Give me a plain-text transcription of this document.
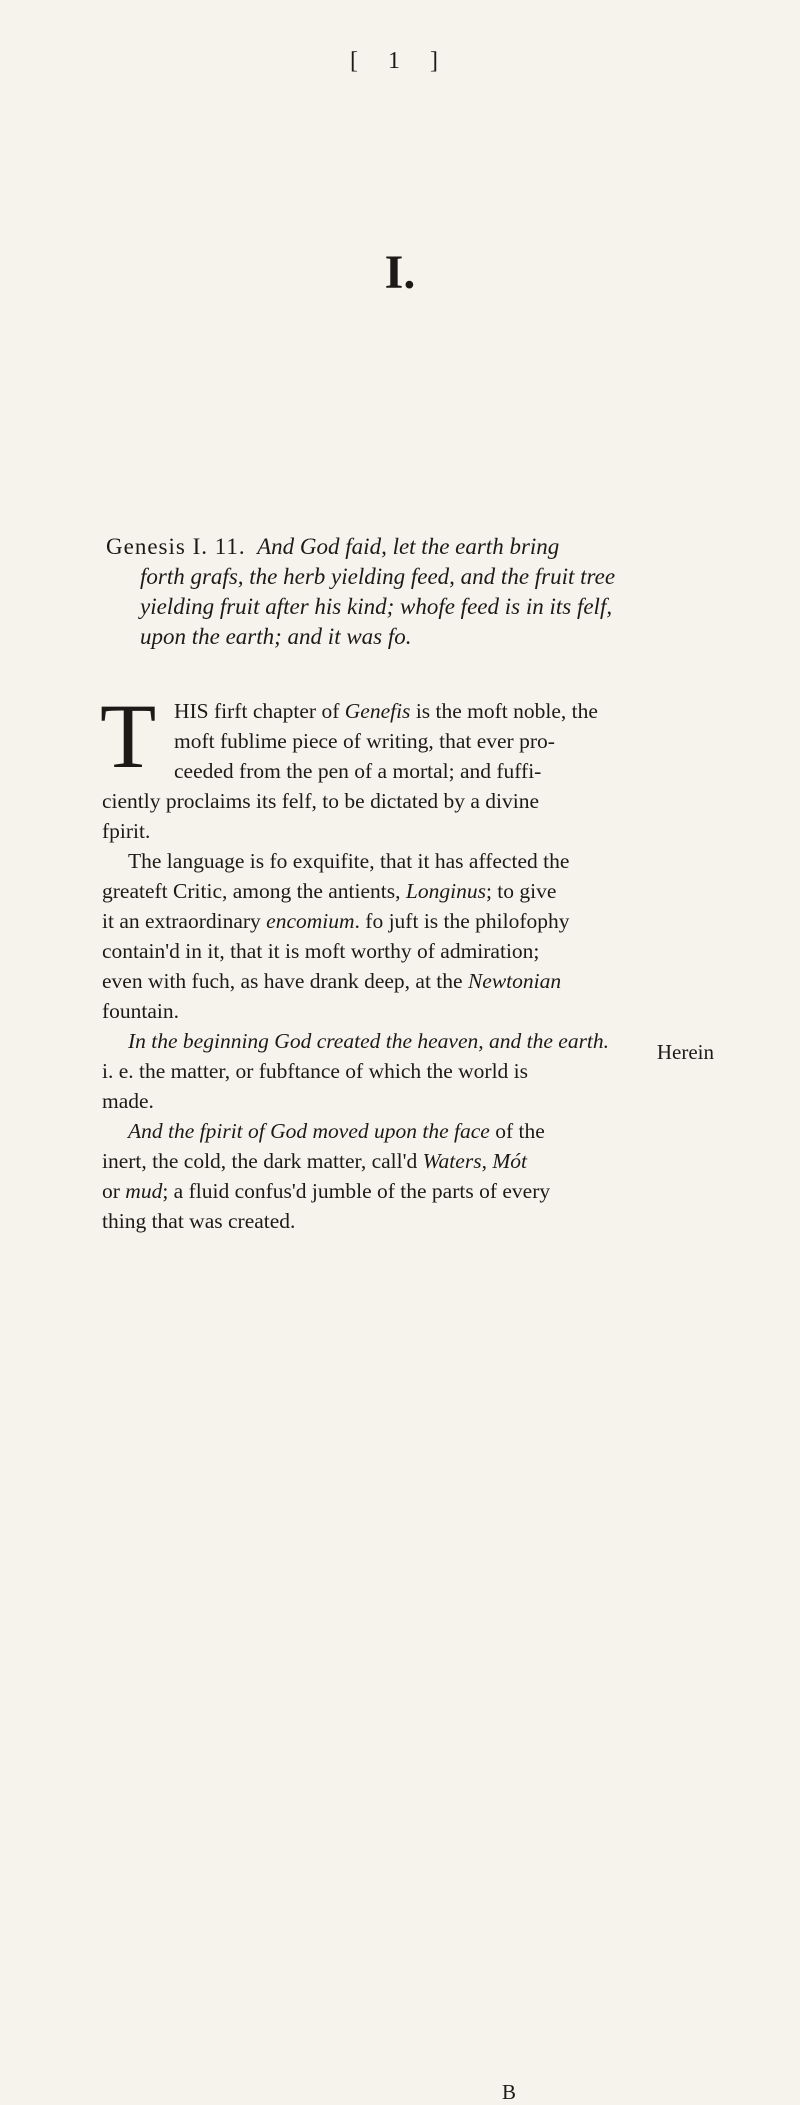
[ 1 ]
I.
Genesis I. 11. And God faid, let the earth bring
forth grafs, the herb yielding feed, and the fruit tree
yielding fruit after his kind; whofe feed is in its felf,
upon the earth; and it was fo.
T HIS firft chapter of Genefis is the moft noble, the
moft fublime piece of writing, that ever pro-
ceeded from the pen of a mortal; and fuffi-
ciently proclaims its felf, to be dictated by a divine
fpirit.
The language is fo exquifite, that it has affected the
greateft Critic, among the antients, Longinus; to give
it an extraordinary encomium. fo juft is the philofophy
contain'd in it, that it is moft worthy of admiration;
even with fuch, as have drank deep, at the Newtonian
fountain.
In the beginning God created the heaven, and the earth.
i. e. the matter, or fubftance of which the world is
made.
And the fpirit of God moved upon the face of the
inert, the cold, the dark matter, call'd Waters, Mót
or mud; a fluid confus'd jumble of the parts of every
thing that was created.
B
Herein
